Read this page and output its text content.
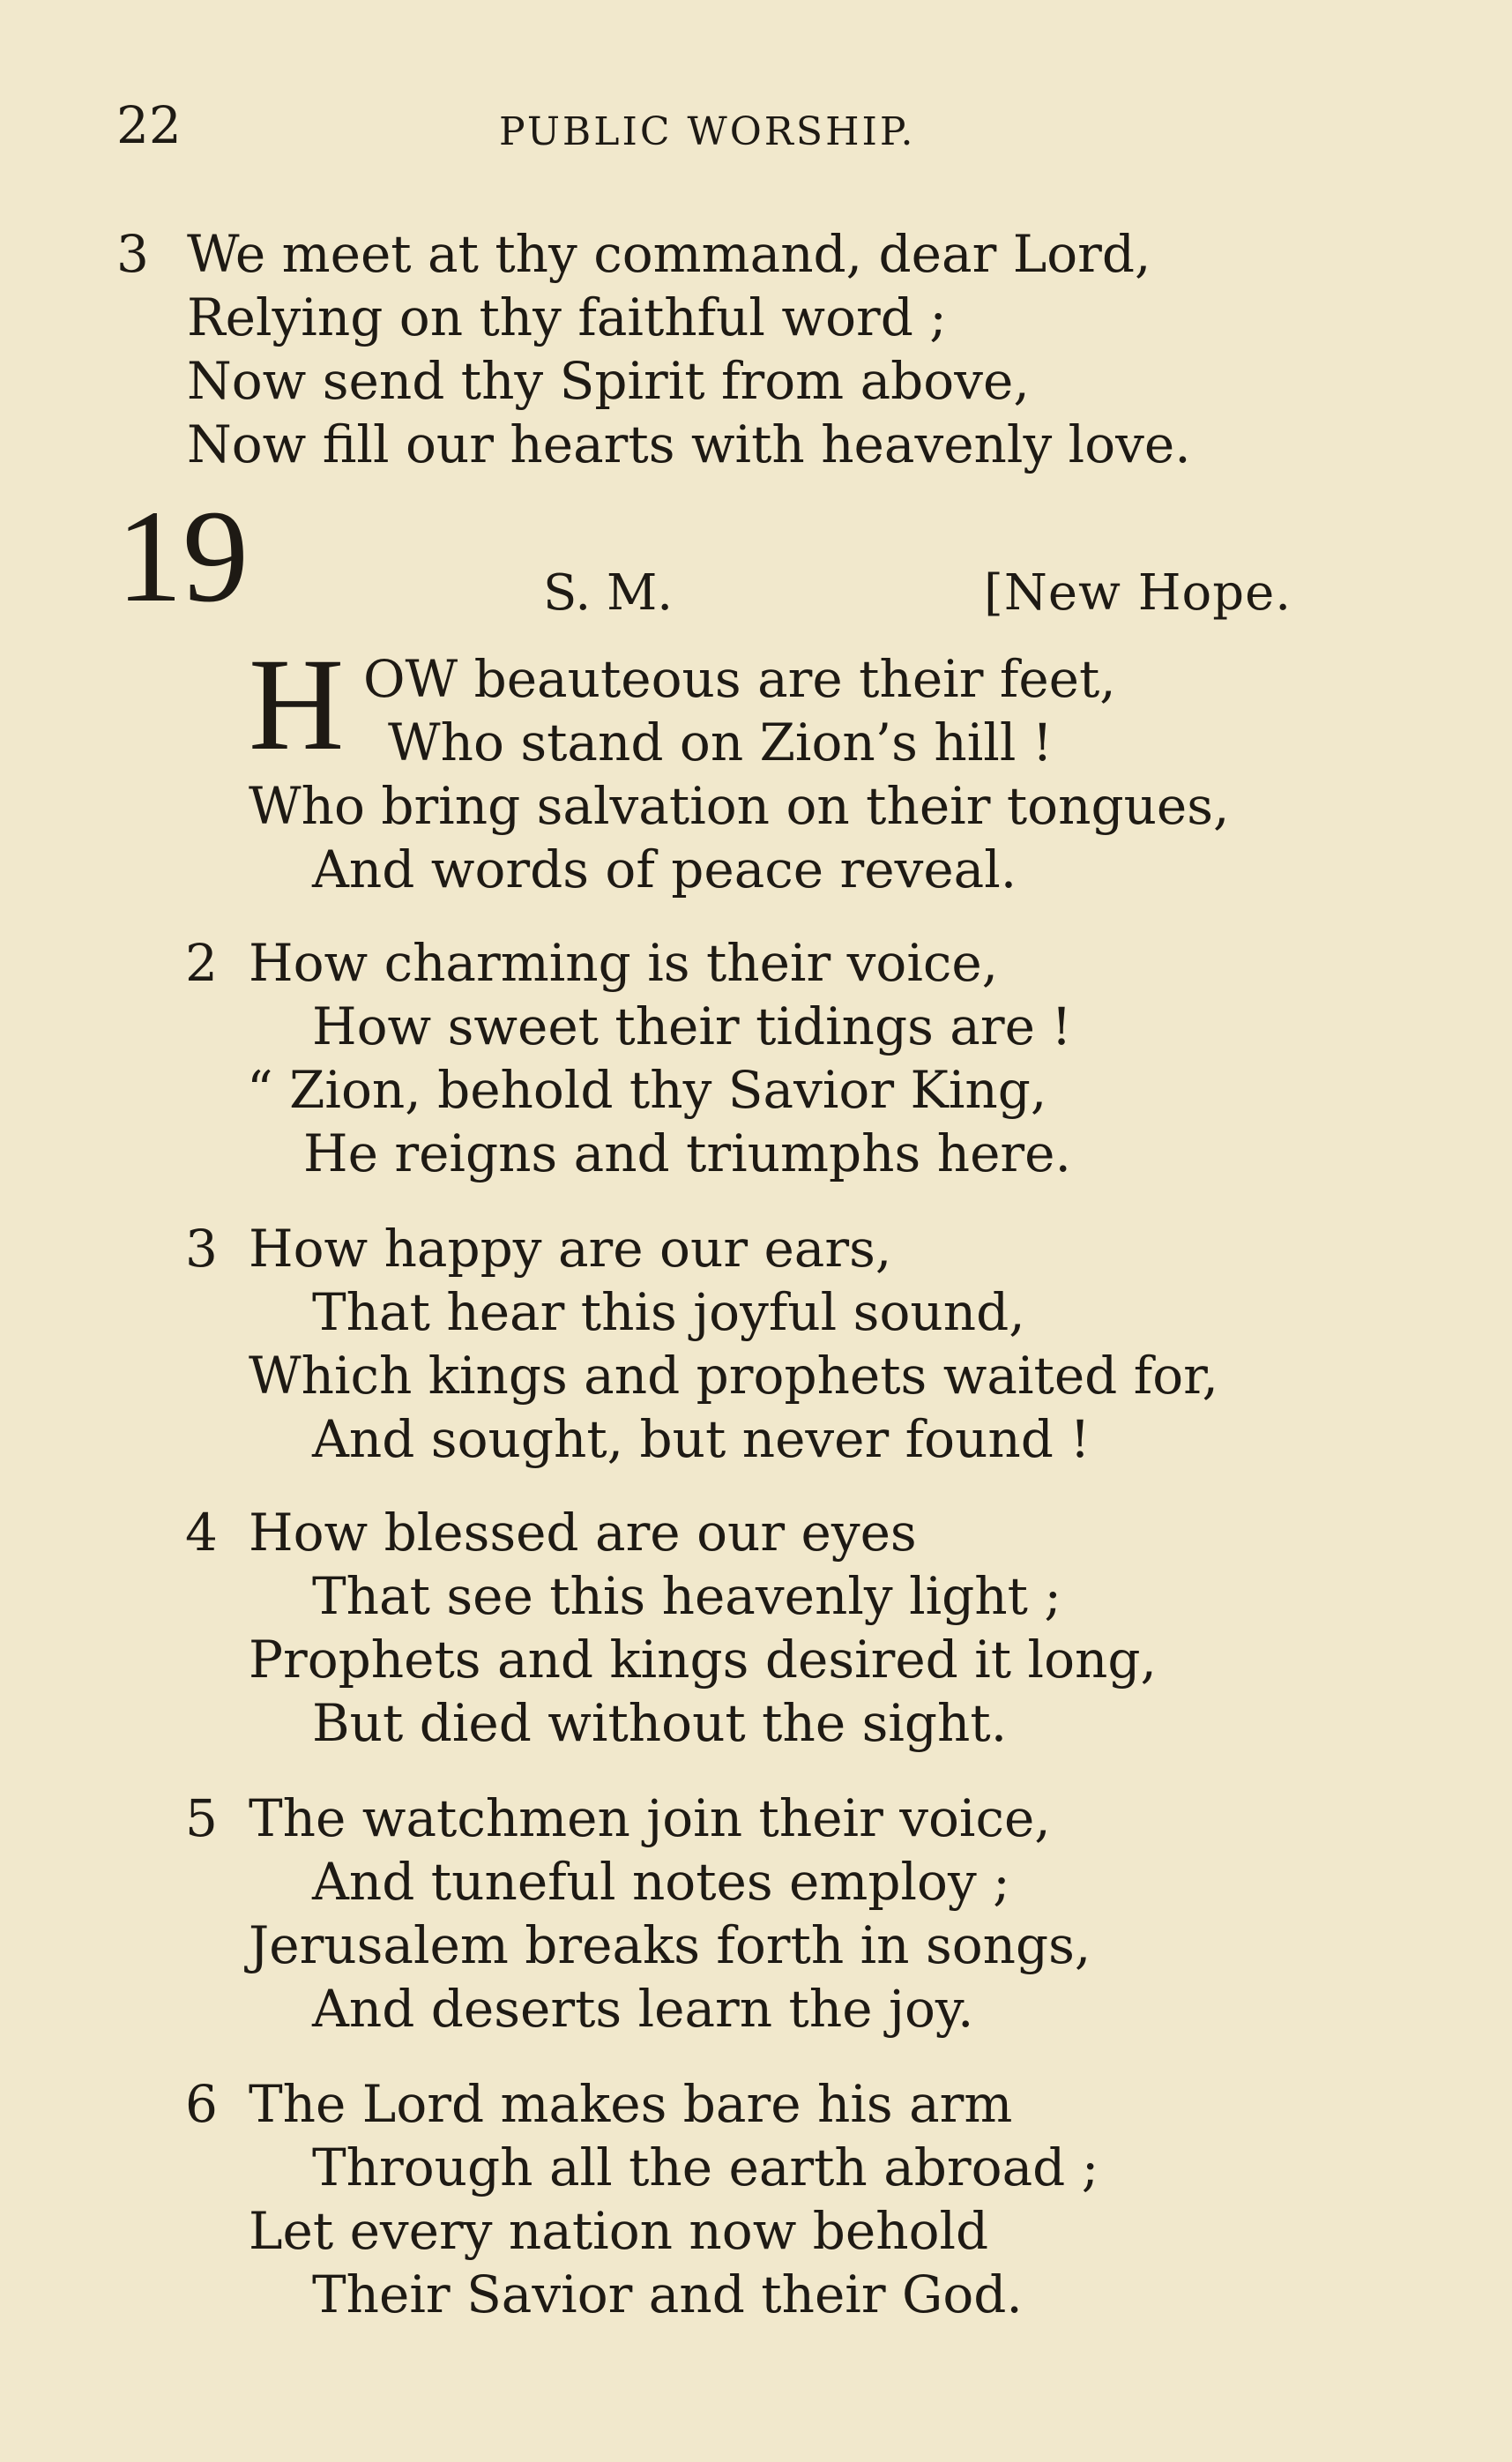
22	PUBLIC WORSHIP.
3 We meet at thy command, dear Lord,
Relying on thy faithful word ;
Now send thy Spirit from above,
Now fill our hearts with heavenly love.
19	S. M.	[New Hope.
H OW beauteous are their feet,
Who stand on Zion’s hill !
Who bring salvation on their tongues,
And words of peace reveal.
2 How charming is their voice,
How sweet their tidings are !
“ Zion, behold thy Savior King,
He reigns and triumphs here.
3 How happy are our ears,
That hear this joyful sound,
Which kings and prophets waited for,
And sought, but never found !
4 How blessed are our eyes
That see this heavenly light ;
Prophets and kings desired it long,
But died without the sight.
5 The watchmen join their voice,
And tuneful notes employ ;
Jerusalem breaks forth in songs,
And deserts learn the joy.
6 The Lord makes bare his arm
Through all the earth abroad ;
Let every nation now behold
Their Savior and their God.
